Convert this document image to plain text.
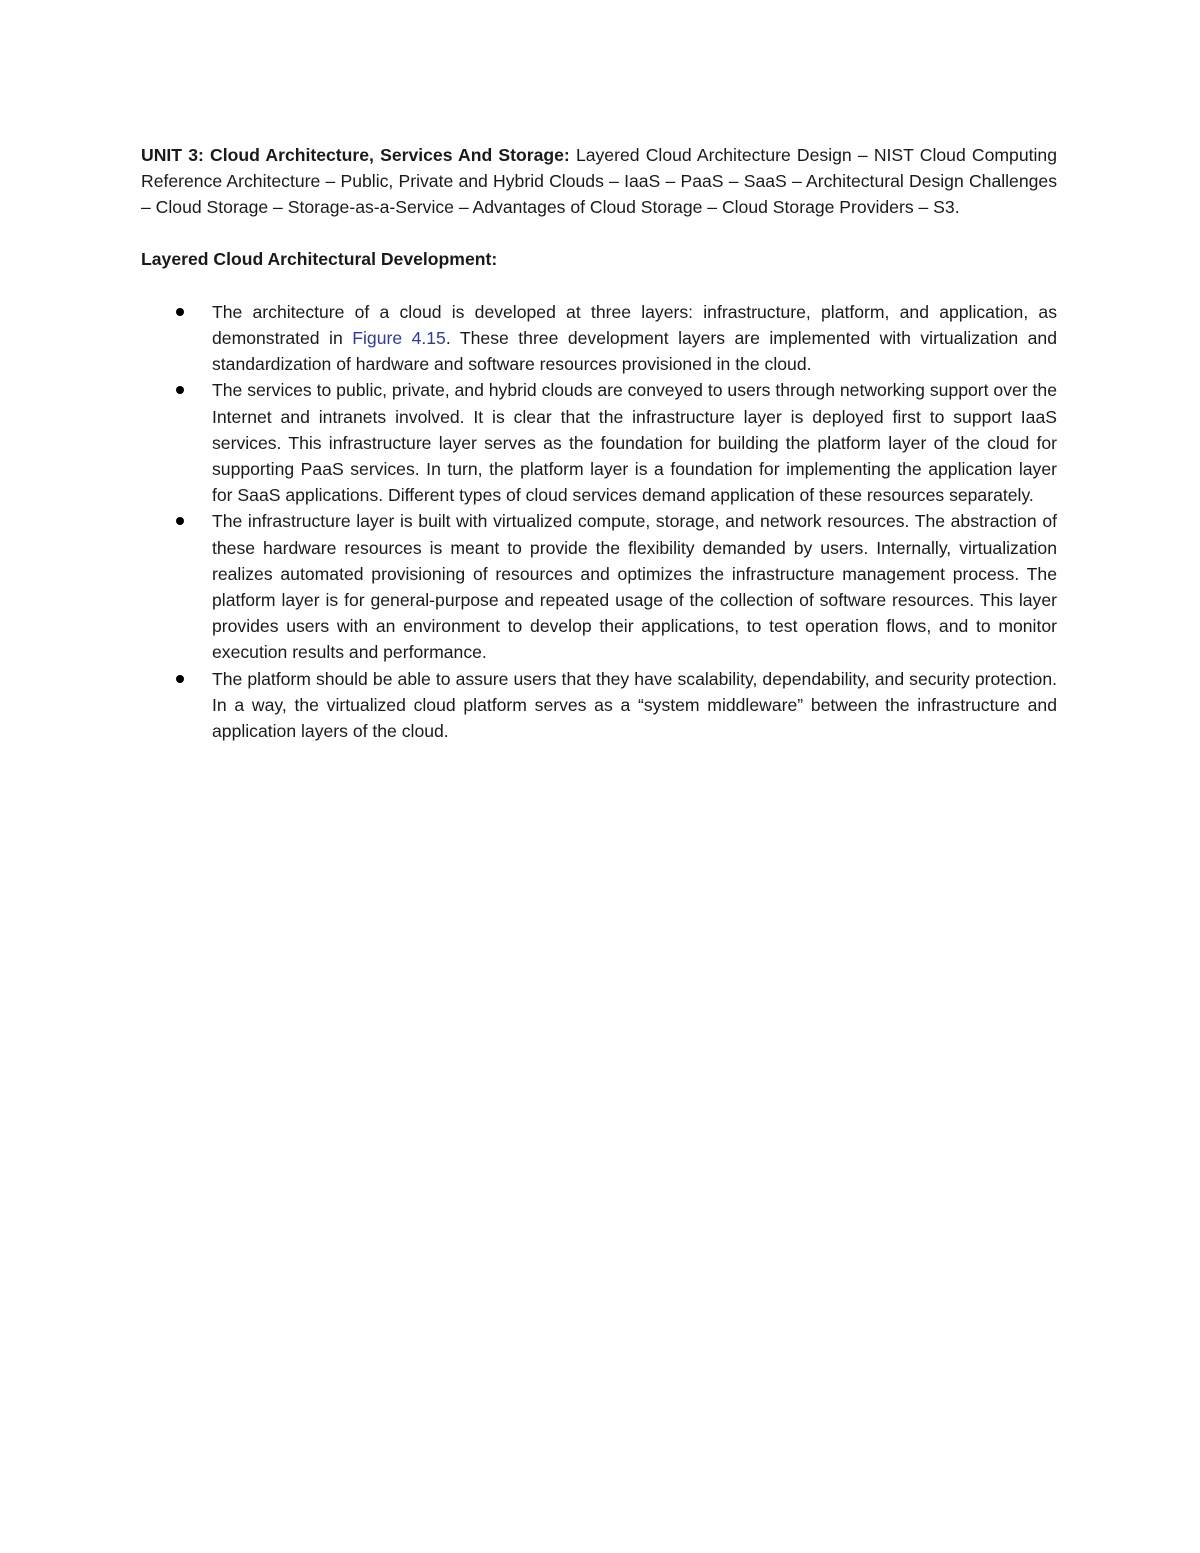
UNIT 3: Cloud Architecture, Services And Storage: Layered Cloud Architecture Design – NIST Cloud Computing Reference Architecture – Public, Private and Hybrid Clouds – IaaS – PaaS – SaaS – Architectural Design Challenges – Cloud Storage – Storage-as-a-Service – Advantages of Cloud Storage – Cloud Storage Providers – S3.

Layered Cloud Architectural Development:
The architecture of a cloud is developed at three layers: infrastructure, platform, and application, as demonstrated in Figure 4.15. These three development layers are implemented with virtualization and standardization of hardware and software resources provisioned in the cloud.
The services to public, private, and hybrid clouds are conveyed to users through networking support over the Internet and intranets involved. It is clear that the infrastructure layer is deployed first to support IaaS services. This infrastructure layer serves as the foundation for building the platform layer of the cloud for supporting PaaS services. In turn, the platform layer is a foundation for implementing the application layer for SaaS applications. Different types of cloud services demand application of these resources separately.
The infrastructure layer is built with virtualized compute, storage, and network resources. The abstraction of these hardware resources is meant to provide the flexibility demanded by users. Internally, virtualization realizes automated provisioning of resources and optimizes the infrastructure management process. The platform layer is for general-purpose and repeated usage of the collection of software resources. This layer provides users with an environment to develop their applications, to test operation flows, and to monitor execution results and performance.
The platform should be able to assure users that they have scalability, dependability, and security protection. In a way, the virtualized cloud platform serves as a “system middleware” between the infrastructure and application layers of the cloud.
